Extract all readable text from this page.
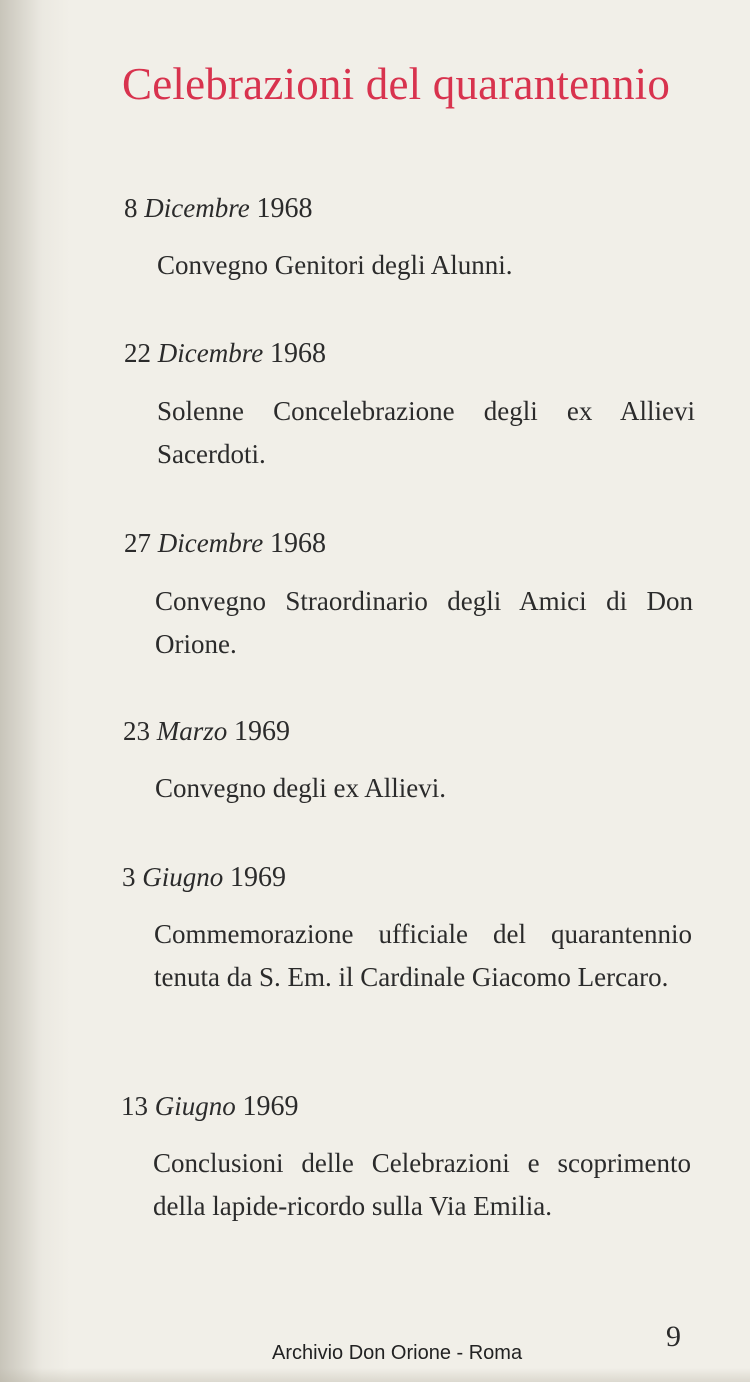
Celebrazioni del quarantennio
8 Dicembre 1968
Convegno Genitori degli Alunni.
22 Dicembre 1968
Solenne Concelebrazione degli ex Allievi Sacerdoti.
27 Dicembre 1968
Convegno Straordinario degli Amici di Don Orione.
23 Marzo 1969
Convegno degli ex Allievi.
3 Giugno 1969
Commemorazione ufficiale del quarantennio tenuta da S. Em. il Cardinale Giacomo Lercaro.
13 Giugno 1969
Conclusioni delle Celebrazioni e scoprimento della lapide-ricordo sulla Via Emilia.
9
Archivio Don Orione - Roma
